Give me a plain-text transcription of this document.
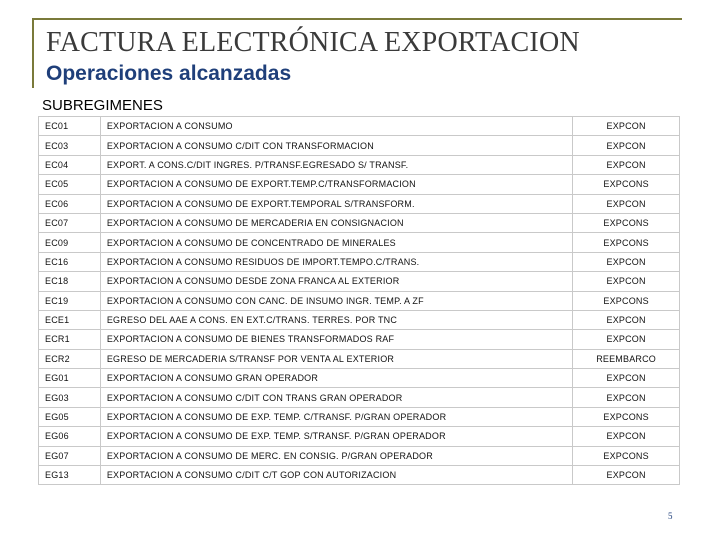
FACTURA ELECTRÓNICA EXPORTACION
Operaciones alcanzadas
SUBREGIMENES
EC01	EXPORTACION A CONSUMO	EXPCON
EC03	EXPORTACION A CONSUMO C/DIT CON TRANSFORMACION	EXPCON
EC04	EXPORT. A CONS.C/DIT INGRES. P/TRANSF.EGRESADO S/ TRANSF.	EXPCON
EC05	EXPORTACION A CONSUMO DE EXPORT.TEMP.C/TRANSFORMACION	EXPCONS
EC06	EXPORTACION A CONSUMO DE EXPORT.TEMPORAL S/TRANSFORM.	EXPCON
EC07	EXPORTACION A CONSUMO DE MERCADERIA EN CONSIGNACION	EXPCONS
EC09	EXPORTACION A CONSUMO DE CONCENTRADO DE MINERALES	EXPCONS
EC16	EXPORTACION A CONSUMO RESIDUOS DE IMPORT.TEMPO.C/TRANS.	EXPCON
EC18	EXPORTACION A CONSUMO DESDE ZONA FRANCA AL EXTERIOR	EXPCON
EC19	EXPORTACION A CONSUMO CON CANC. DE INSUMO INGR. TEMP. A ZF	EXPCONS
ECE1	EGRESO DEL AAE A CONS. EN EXT.C/TRANS. TERRES. POR TNC	EXPCON
ECR1	EXPORTACION A CONSUMO DE BIENES TRANSFORMADOS RAF	EXPCON
ECR2	EGRESO DE MERCADERIA S/TRANSF POR VENTA AL EXTERIOR	REEMBARCO
EG01	EXPORTACION A CONSUMO GRAN OPERADOR	EXPCON
EG03	EXPORTACION A CONSUMO C/DIT CON TRANS GRAN OPERADOR	EXPCON
EG05	EXPORTACION A CONSUMO DE EXP. TEMP. C/TRANSF. P/GRAN OPERADOR	EXPCONS
EG06	EXPORTACION A CONSUMO DE EXP. TEMP. S/TRANSF. P/GRAN OPERADOR	EXPCON
EG07	EXPORTACION A CONSUMO DE MERC. EN CONSIG. P/GRAN OPERADOR	EXPCONS
EG13	EXPORTACION A CONSUMO C/DIT C/T GOP CON AUTORIZACION	EXPCON
5
